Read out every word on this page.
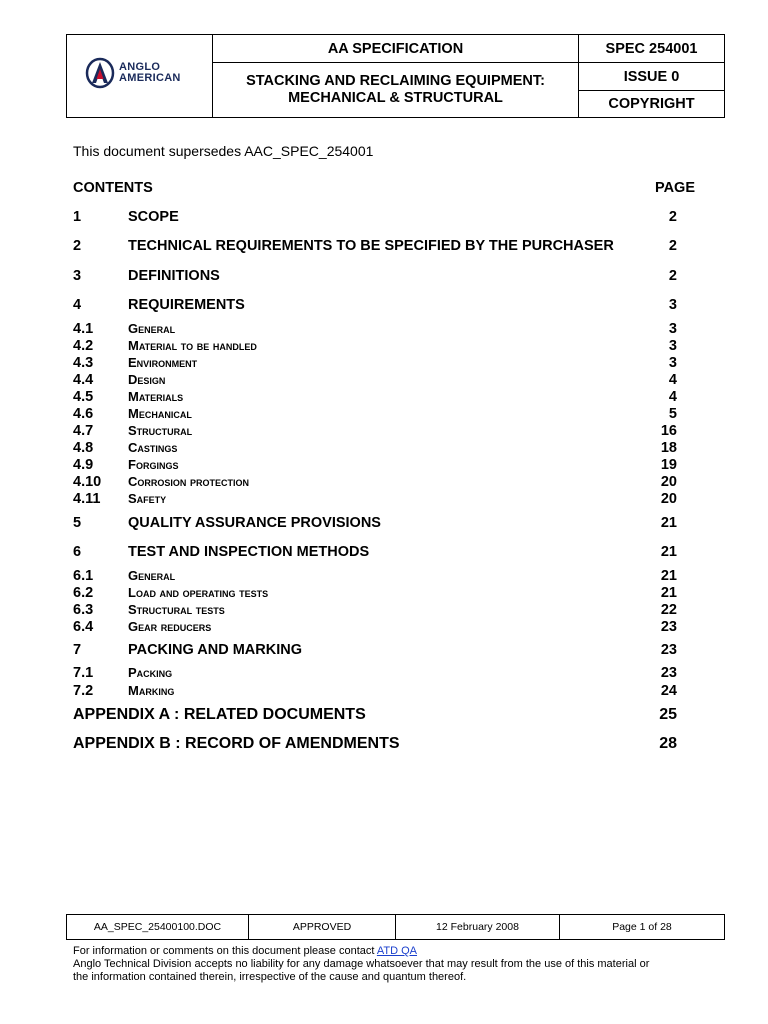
ANGLO
AMERICAN
AA SPECIFICATION
STACKING AND RECLAIMING EQUIPMENT:
MECHANICAL & STRUCTURAL
SPEC 254001
ISSUE 0
COPYRIGHT
This document supersedes AAC_SPEC_254001
CONTENTS	PAGE
1	SCOPE	2
2	TECHNICAL REQUIREMENTS TO BE SPECIFIED BY THE PURCHASER	2
3	DEFINITIONS	2
4	REQUIREMENTS	3
4.1	General	3
4.2	Material to be handled	3
4.3	Environment	3
4.4	Design	4
4.5	Materials	4
4.6	Mechanical	5
4.7	Structural	16
4.8	Castings	18
4.9	Forgings	19
4.10 Corrosion protection	20
4.11 Safety	20
5	QUALITY ASSURANCE PROVISIONS	21
6	TEST AND INSPECTION METHODS	21
6.1	General	21
6.2	Load and operating tests	21
6.3	Structural tests	22
6.4	Gear reducers	23
7	PACKING AND MARKING	23
7.1	Packing	23
7.2	Marking	24
APPENDIX A : RELATED DOCUMENTS	25
APPENDIX B : RECORD OF AMENDMENTS	28
AA_SPEC_25400100.DOC	APPROVED	12 February 2008	Page 1 of 28
For information or comments on this document please contact ATD QA
Anglo Technical Division accepts no liability for any damage whatsoever that may result from the use of this material or
the information contained therein, irrespective of the cause and quantum thereof.
